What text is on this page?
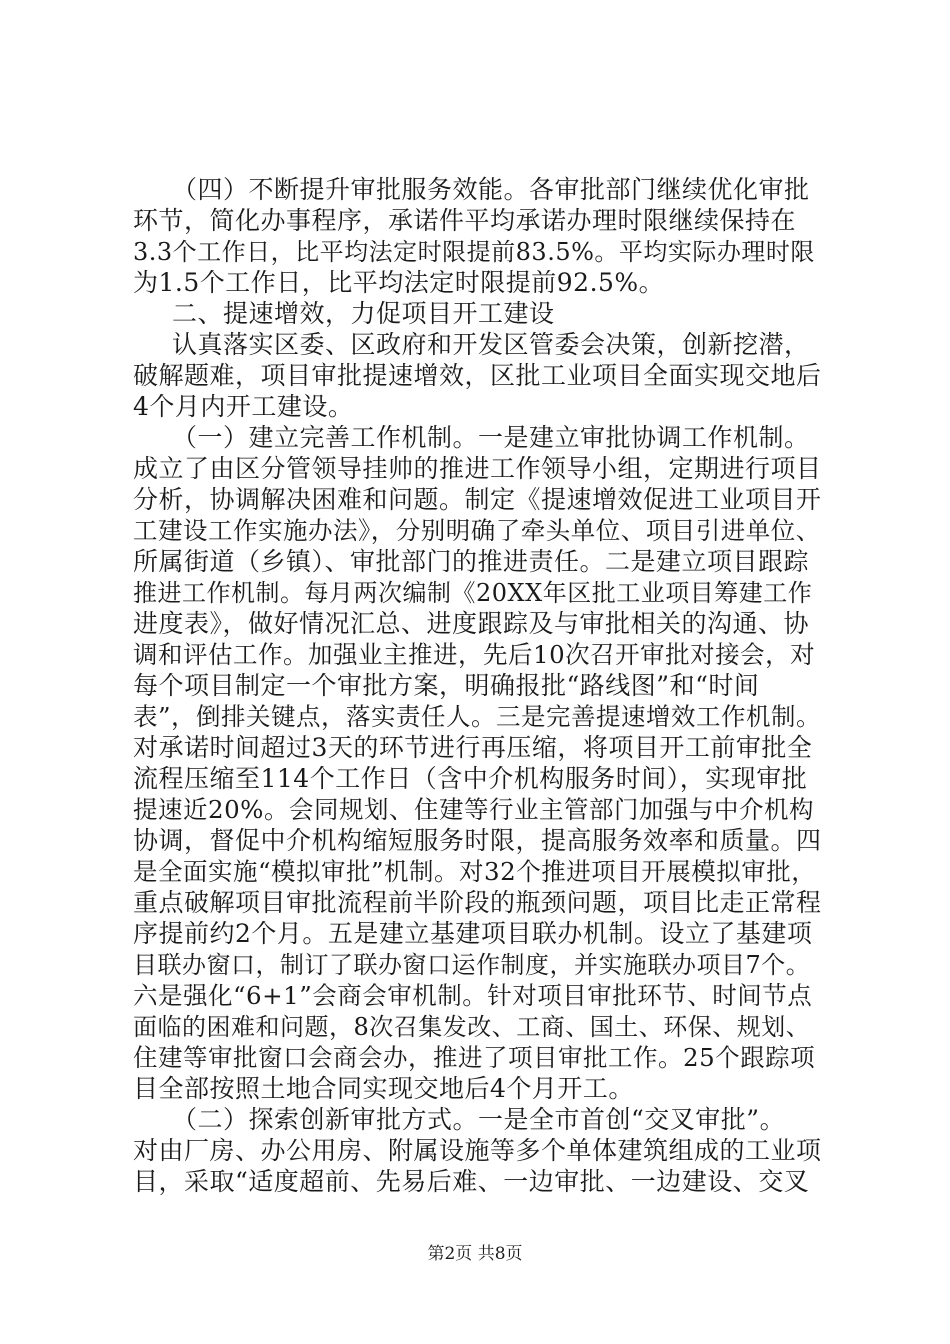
（四）不断提升审批服务效能。各审批部门继续优化审批
环节，简化办事程序，承诺件平均承诺办理时限继续保持在
3.3个工作日，比平均法定时限提前83.5%。平均实际办理时限
为1.5个工作日，比平均法定时限提前92.5%。
二、提速增效，力促项目开工建设
认真落实区委、区政府和开发区管委会决策，创新挖潜，
破解题难，项目审批提速增效，区批工业项目全面实现交地后
4个月内开工建设。
（一）建立完善工作机制。一是建立审批协调工作机制。
成立了由区分管领导挂帅的推进工作领导小组，定期进行项目
分析，协调解决困难和问题。制定《提速增效促进工业项目开
工建设工作实施办法》，分别明确了牵头单位、项目引进单位、
所属街道（乡镇）、审批部门的推进责任。二是建立项目跟踪
推进工作机制。每月两次编制《20XX年区批工业项目筹建工作
进度表》，做好情况汇总、进度跟踪及与审批相关的沟通、协
调和评估工作。加强业主推进，先后10次召开审批对接会，对
每个项目制定一个审批方案，明确报批“路线图”和“时间
表”，倒排关键点，落实责任人。三是完善提速增效工作机制。
对承诺时间超过3天的环节进行再压缩，将项目开工前审批全
流程压缩至114个工作日（含中介机构服务时间），实现审批
提速近20%。会同规划、住建等行业主管部门加强与中介机构
协调，督促中介机构缩短服务时限，提高服务效率和质量。四
是全面实施“模拟审批”机制。对32个推进项目开展模拟审批，
重点破解项目审批流程前半阶段的瓶颈问题，项目比走正常程
序提前约2个月。五是建立基建项目联办机制。设立了基建项
目联办窗口，制订了联办窗口运作制度，并实施联办项目7个。
六是强化“6+1”会商会审机制。针对项目审批环节、时间节点
面临的困难和问题，8次召集发改、工商、国土、环保、规划、
住建等审批窗口会商会办，推进了项目审批工作。25个跟踪项
目全部按照土地合同实现交地后4个月开工。
（二）探索创新审批方式。一是全市首创“交叉审批”。
对由厂房、办公用房、附属设施等多个单体建筑组成的工业项
目，采取“适度超前、先易后难、一边审批、一边建设、交叉
第2页 共8页
